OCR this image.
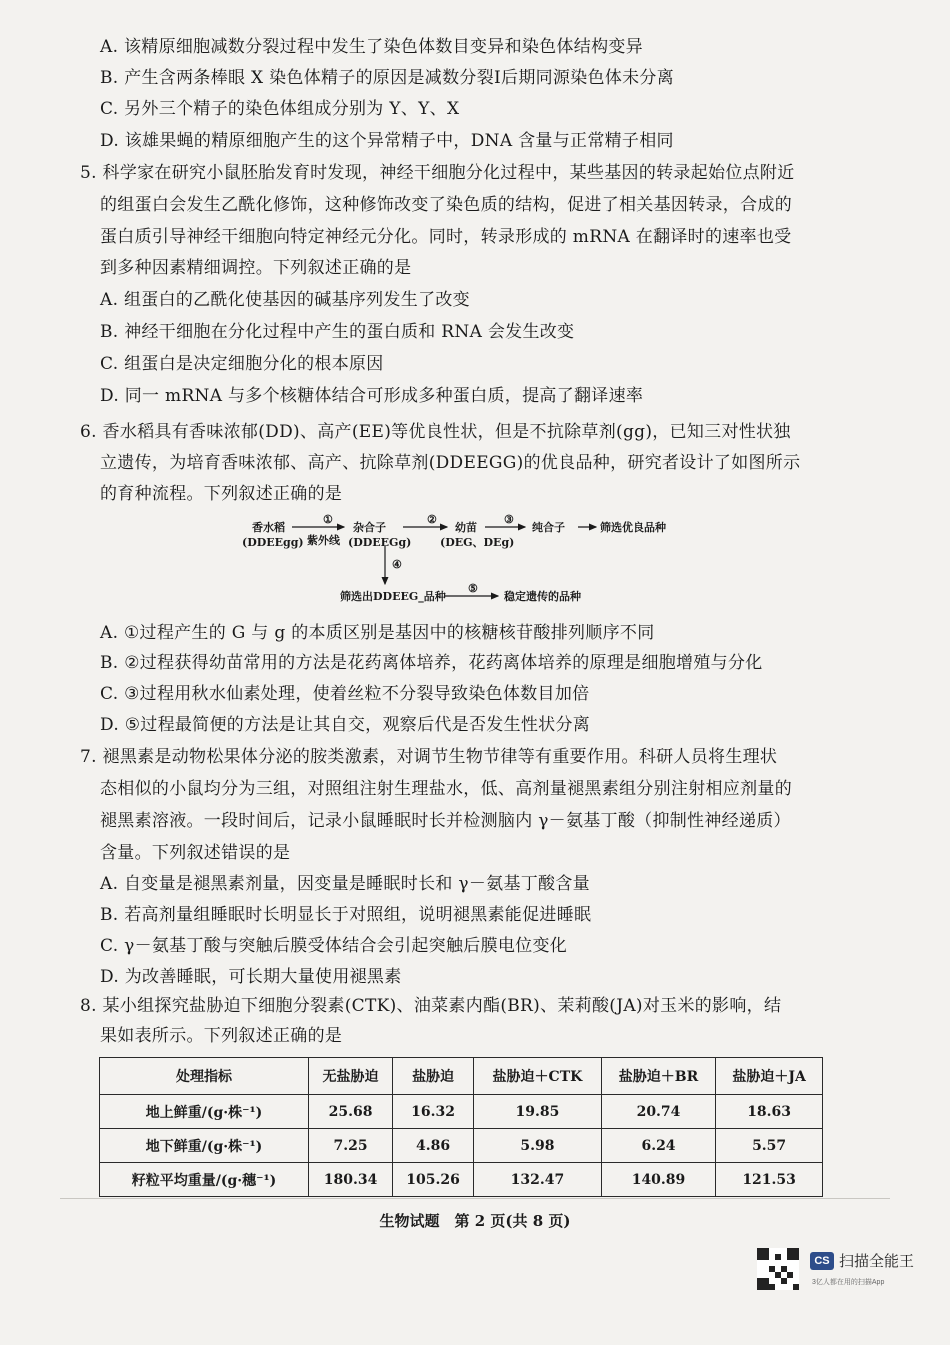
A. 该精原细胞减数分裂过程中发生了染色体数目变异和染色体结构变异
B. 产生含两条棒眼 X 染色体精子的原因是减数分裂Ⅰ后期同源染色体未分离
C. 另外三个精子的染色体组成分别为 Y、Y、X
D. 该雄果蝇的精原细胞产生的这个异常精子中，DNA 含量与正常精子相同
5. 科学家在研究小鼠胚胎发育时发现，神经干细胞分化过程中，某些基因的转录起始位点附近
的组蛋白会发生乙酰化修饰，这种修饰改变了染色质的结构，促进了相关基因转录，合成的
蛋白质引导神经干细胞向特定神经元分化。同时，转录形成的 mRNA 在翻译时的速率也受
到多种因素精细调控。下列叙述正确的是
A. 组蛋白的乙酰化使基因的碱基序列发生了改变
B. 神经干细胞在分化过程中产生的蛋白质和 RNA 会发生改变
C. 组蛋白是决定细胞分化的根本原因
D. 同一 mRNA 与多个核糖体结合可形成多种蛋白质，提高了翻译速率
6. 香水稻具有香味浓郁(DD)、高产(EE)等优良性状，但是不抗除草剂(gg)，已知三对性状独
立遗传，为培育香味浓郁、高产、抗除草剂(DDEEGG)的优良品种，研究者设计了如图所示
的育种流程。下列叙述正确的是
香水稻
(DDEEgg)
①
紫外线
杂合子
(DDEEGg)
②
幼苗
(DEG、DEg)
③
纯合子	筛选优良品种
④
筛选出DDEEG_品种
⑤
稳定遗传的品种
A. ①过程产生的 G 与 g 的本质区别是基因中的核糖核苷酸排列顺序不同
B. ②过程获得幼苗常用的方法是花药离体培养，花药离体培养的原理是细胞增殖与分化
C. ③过程用秋水仙素处理，使着丝粒不分裂导致染色体数目加倍
D. ⑤过程最简便的方法是让其自交，观察后代是否发生性状分离
7. 褪黑素是动物松果体分泌的胺类激素，对调节生物节律等有重要作用。科研人员将生理状
态相似的小鼠均分为三组，对照组注射生理盐水，低、高剂量褪黑素组分别注射相应剂量的
褪黑素溶液。一段时间后，记录小鼠睡眠时长并检测脑内 γ－氨基丁酸（抑制性神经递质）
含量。下列叙述错误的是
A. 自变量是褪黑素剂量，因变量是睡眠时长和 γ－氨基丁酸含量
B. 若高剂量组睡眠时长明显长于对照组，说明褪黑素能促进睡眠
C. γ－氨基丁酸与突触后膜受体结合会引起突触后膜电位变化
D. 为改善睡眠，可长期大量使用褪黑素
8. 某小组探究盐胁迫下细胞分裂素(CTK)、油菜素内酯(BR)、茉莉酸(JA)对玉米的影响，结
果如表所示。下列叙述正确的是
处理指标	无盐胁迫	盐胁迫	盐胁迫＋CTK	盐胁迫＋BR	盐胁迫＋JA
地上鲜重/(g·株⁻¹)	25.68	16.32	19.85	20.74	18.63
地下鲜重/(g·株⁻¹)	7.25	4.86	5.98	6.24	5.57
籽粒平均重量/(g·穗⁻¹)	180.34	105.26	132.47	140.89	121.53
生物试题　第 2 页(共 8 页)
CS 扫描全能王
3亿人都在用的扫描App
